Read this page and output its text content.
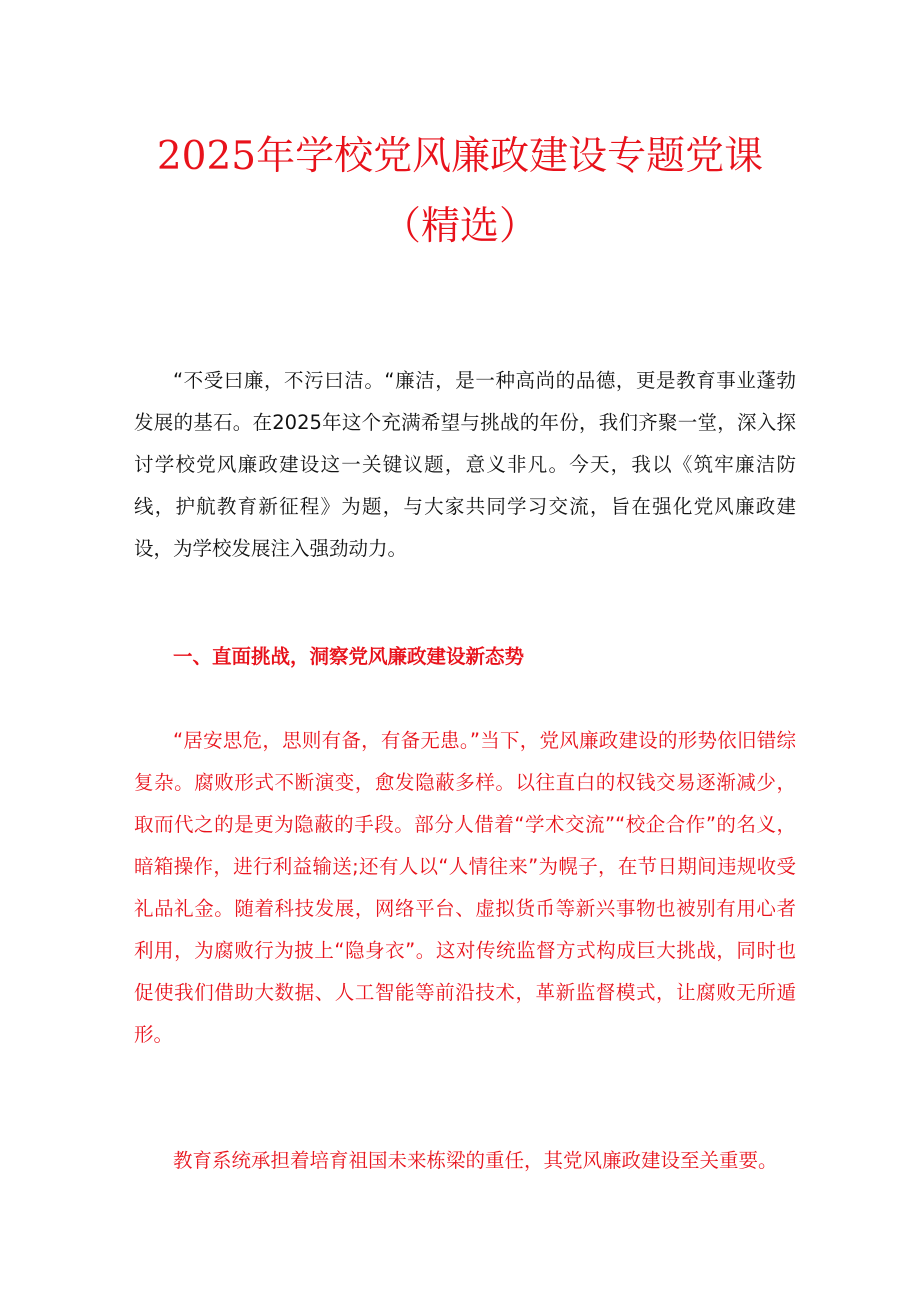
2025年学校党风廉政建设专题党课
（精选）

“不受曰廉，不污曰洁。“廉洁，是一种高尚的品德，更是教育事业蓬勃发展的基石。在2025年这个充满希望与挑战的年份，我们齐聚一堂，深入探讨学校党风廉政建设这一关键议题，意义非凡。今天，我以《筑牢廉洁防线，护航教育新征程》为题，与大家共同学习交流，旨在强化党风廉政建设，为学校发展注入强劲动力。

一、直面挑战，洞察党风廉政建设新态势

“居安思危，思则有备，有备无患。”当下，党风廉政建设的形势依旧错综复杂。腐败形式不断演变，愈发隐蔽多样。以往直白的权钱交易逐渐减少，取而代之的是更为隐蔽的手段。部分人借着“学术交流”“校企合作”的名义，暗箱操作，进行利益输送;还有人以“人情往来”为幌子，在节日期间违规收受礼品礼金。随着科技发展，网络平台、虚拟货币等新兴事物也被别有用心者利用，为腐败行为披上“隐身衣”。这对传统监督方式构成巨大挑战，同时也促使我们借助大数据、人工智能等前沿技术，革新监督模式，让腐败无所遁形。

教育系统承担着培育祖国未来栋梁的重任，其党风廉政建设至关重要。
